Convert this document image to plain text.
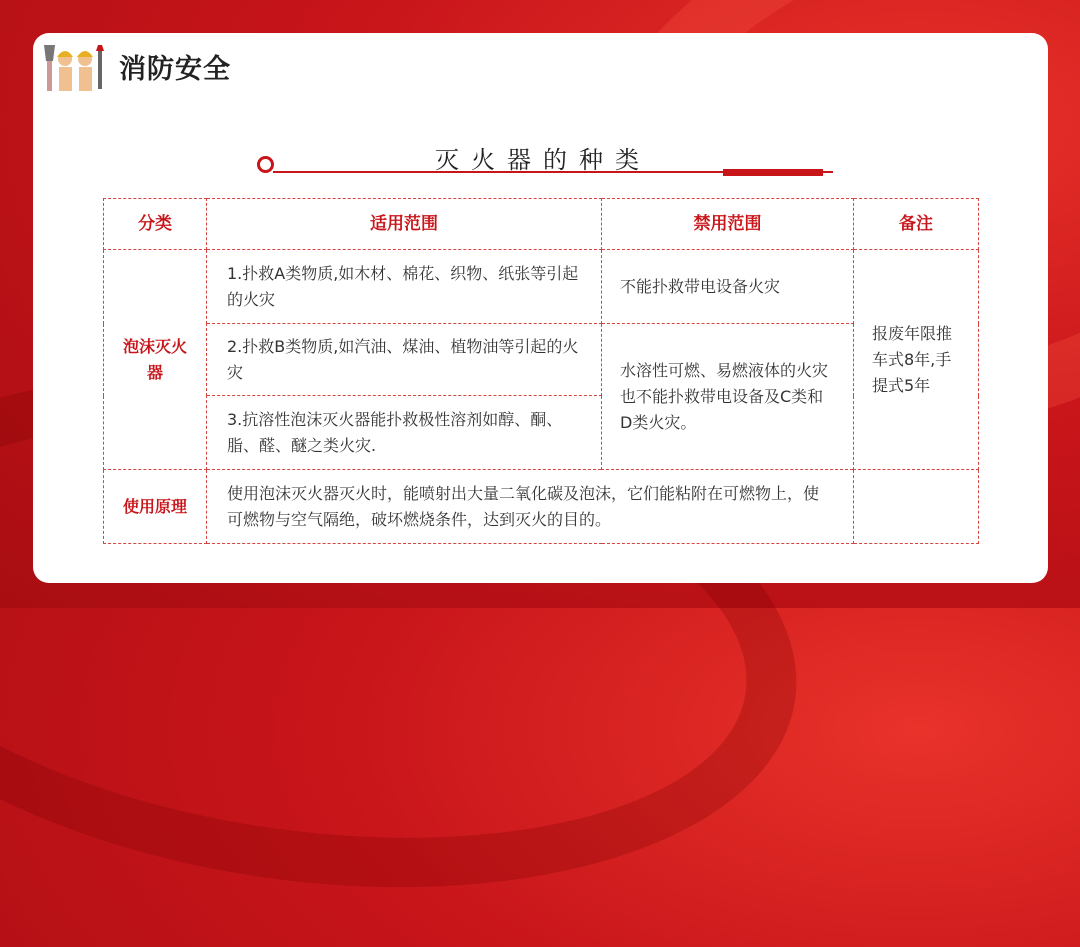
消防安全
灭火器的种类
分类	适用范围	禁用范围	备注
泡沫灭火器	1.扑救A类物质,如木材、棉花、织物、纸张等引起的火灾	不能扑救带电设备火灾	报废年限推车式8年,手提式5年
	2.扑救B类物质,如汽油、煤油、植物油等引起的火灾	水溶性可燃、易燃液体的火灾也不能扑救带电设备及C类和D类火灾。	
	3.抗溶性泡沫灭火器能扑救极性溶剂如醇、酮、脂、醛、醚之类火灾.		
使用原理	使用泡沫灭火器灭火时，能喷射出大量二氧化碳及泡沫，它们能粘附在可燃物上，使可燃物与空气隔绝，破坏燃烧条件，达到灭火的目的。		
